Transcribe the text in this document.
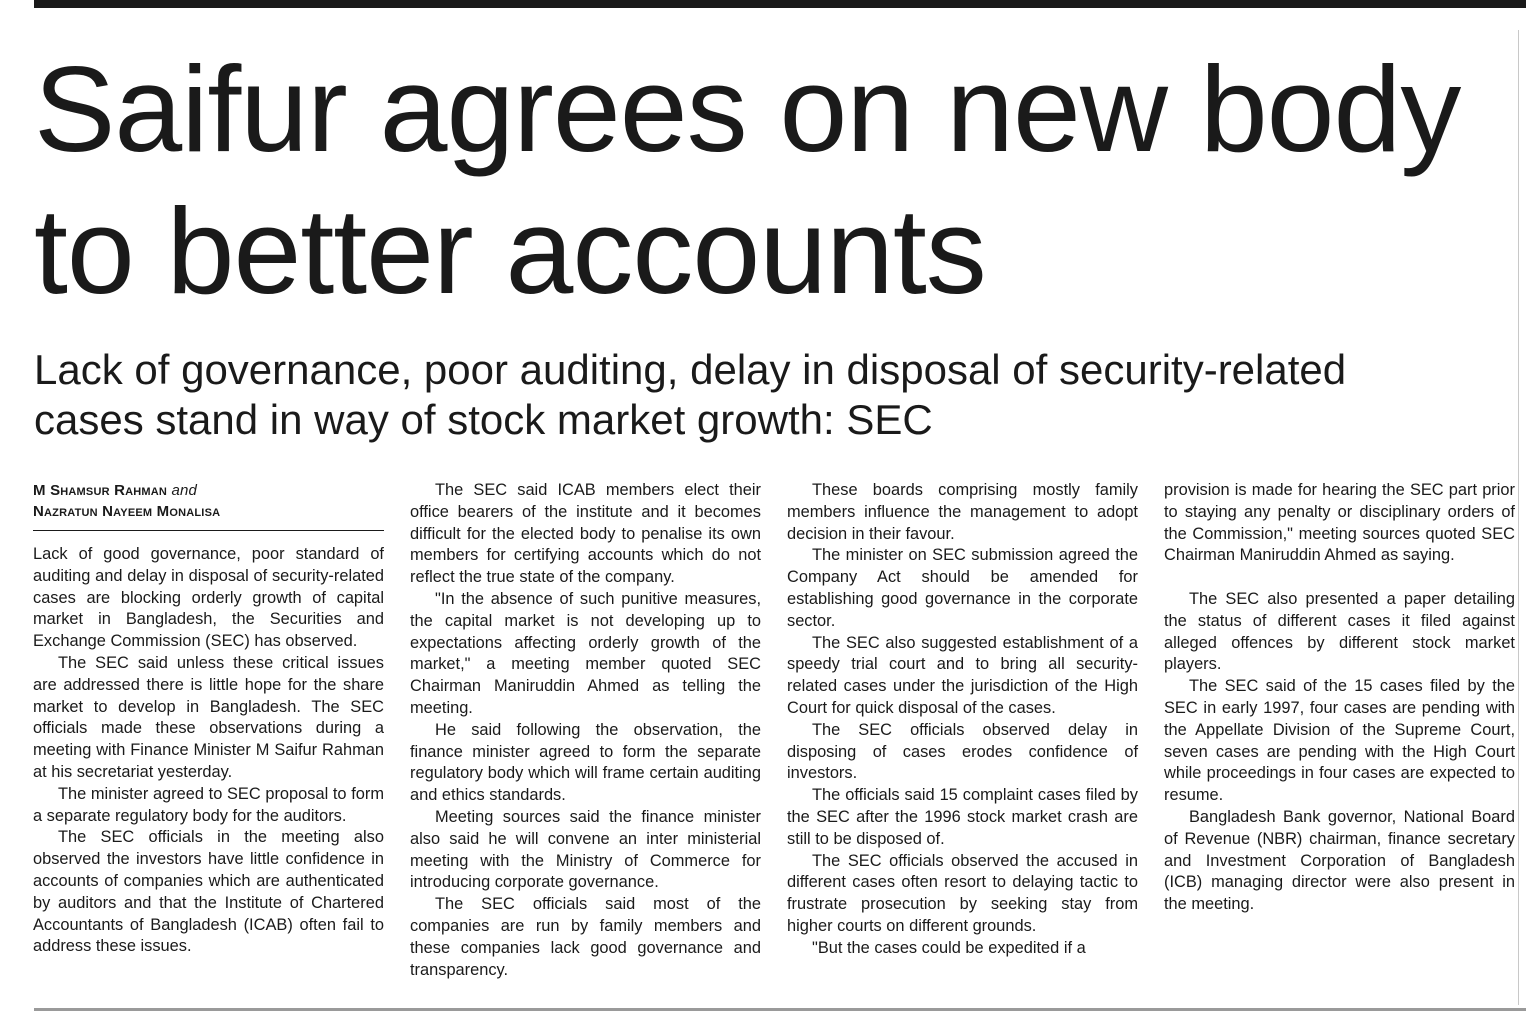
Saifur agrees on new body
to better accounts
Lack of governance, poor auditing, delay in disposal of security-related
cases stand in way of stock market growth: SEC
M Shamsur Rahman and
Nazratun Nayeem Monalisa

Lack of good governance, poor standard of auditing and delay in disposal of security-related cases are blocking orderly growth of capital market in Bangladesh, the Securities and Exchange Commission (SEC) has observed.

The SEC said unless these critical issues are addressed there is little hope for the share market to develop in Bangladesh. The SEC officials made these observations during a meeting with Finance Minister M Saifur Rahman at his secretariat yesterday.

The minister agreed to SEC proposal to form a separate regulatory body for the auditors.

The SEC officials in the meeting also observed the investors have little confidence in accounts of companies which are authenticated by auditors and that the Institute of Chartered Accountants of Bangladesh (ICAB) often fail to address these issues.

The SEC said ICAB members elect their office bearers of the institute and it becomes difficult for the elected body to penalise its own members for certifying accounts which do not reflect the true state of the company.

"In the absence of such punitive measures, the capital market is not developing up to expectations affecting orderly growth of the market," a meeting member quoted SEC Chairman Maniruddin Ahmed as telling the meeting.

He said following the observation, the finance minister agreed to form the separate regulatory body which will frame certain auditing and ethics standards.

Meeting sources said the finance minister also said he will convene an inter ministerial meeting with the Ministry of Commerce for introducing corporate governance.

The SEC officials said most of the companies are run by family members and these companies lack good governance and transparency.

These boards comprising mostly family members influence the management to adopt decision in their favour.

The minister on SEC submission agreed the Company Act should be amended for establishing good governance in the corporate sector.

The SEC also suggested establishment of a speedy trial court and to bring all security- related cases under the jurisdiction of the High Court for quick disposal of the cases.

The SEC officials observed delay in disposing of cases erodes confidence of investors.

The officials said 15 complaint cases filed by the SEC after the 1996 stock market crash are still to be disposed of.

The SEC officials observed the accused in different cases often resort to delaying tactic to frustrate prosecution by seeking stay from higher courts on different grounds.

"But the cases could be expedited if a

provision is made for hearing the SEC part prior to staying any penalty or disciplinary orders of the Commission," meeting sources quoted SEC Chairman Maniruddin Ahmed as saying.

The SEC also presented a paper detailing the status of different cases it filed against alleged offences by different stock market players.

The SEC said of the 15 cases filed by the SEC in early 1997, four cases are pending with the Appellate Division of the Supreme Court, seven cases are pending with the High Court while proceedings in four cases are expected to resume.

Bangladesh Bank governor, National Board of Revenue (NBR) chairman, finance secretary and Investment Corporation of Bangladesh (ICB) managing director were also present in the meeting.
